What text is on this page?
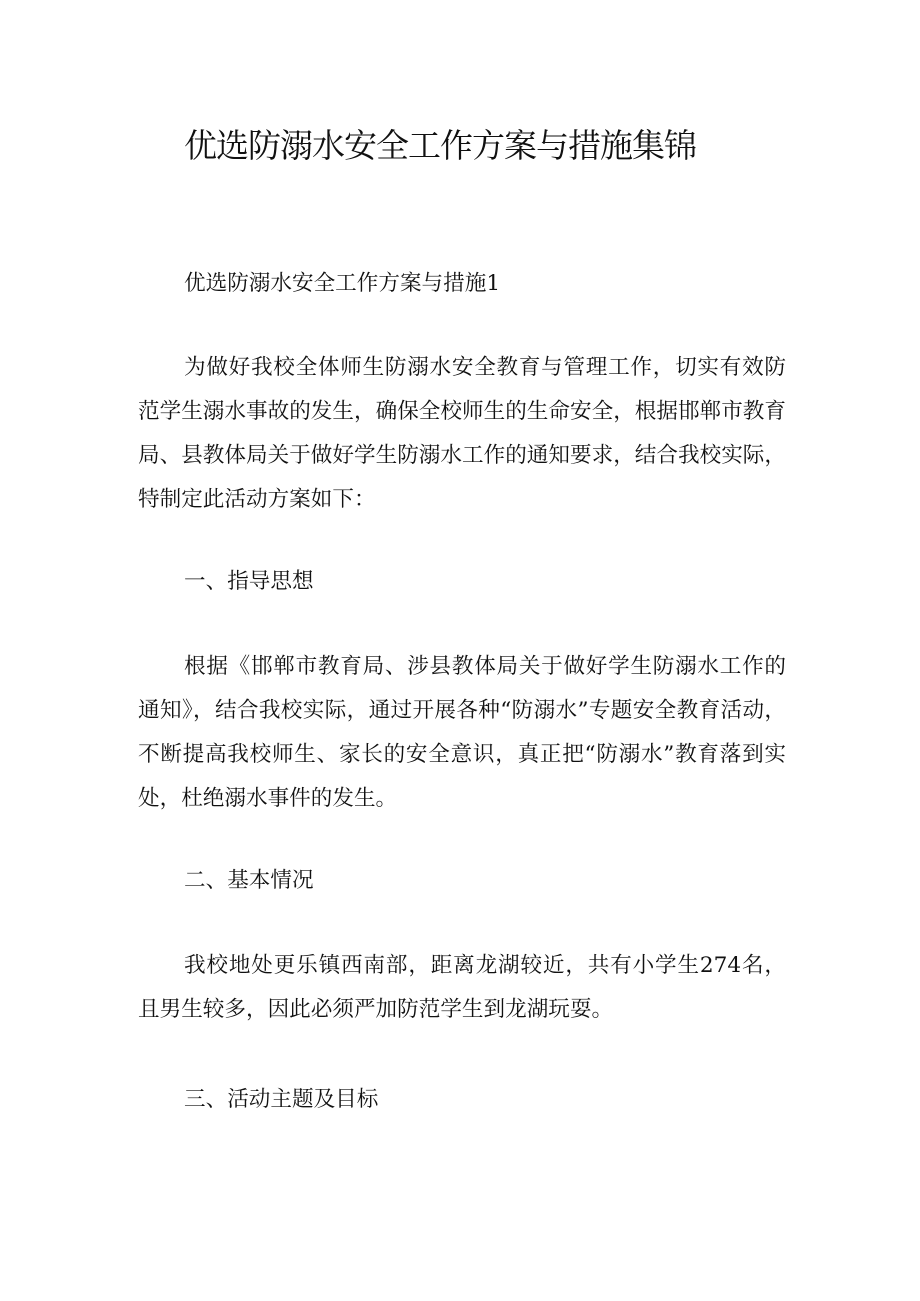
优选防溺水安全工作方案与措施集锦

优选防溺水安全工作方案与措施1

为做好我校全体师生防溺水安全教育与管理工作，切实有效防范学生溺水事故的发生，确保全校师生的生命安全，根据邯郸市教育局、县教体局关于做好学生防溺水工作的通知要求，结合我校实际，特制定此活动方案如下：

一、指导思想

根据《邯郸市教育局、涉县教体局关于做好学生防溺水工作的通知》，结合我校实际，通过开展各种“防溺水”专题安全教育活动，不断提高我校师生、家长的安全意识，真正把“防溺水”教育落到实处，杜绝溺水事件的发生。

二、基本情况

我校地处更乐镇西南部，距离龙湖较近，共有小学生274名，且男生较多，因此必须严加防范学生到龙湖玩耍。

三、活动主题及目标
